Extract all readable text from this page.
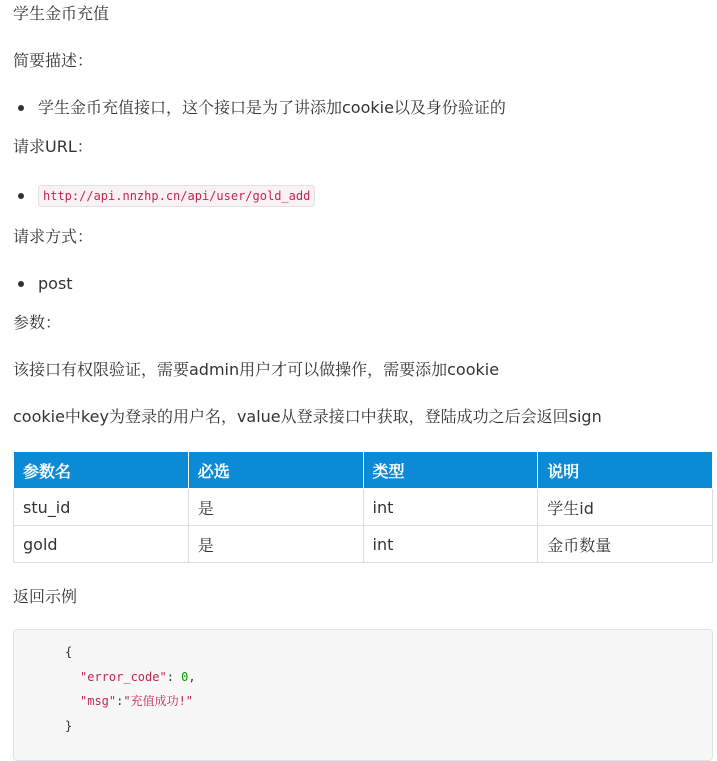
学生金币充值
简要描述：
学生金币充值接口，这个接口是为了讲添加cookie以及身份验证的
请求URL：
http://api.nnzhp.cn/api/user/gold_add
请求方式：
post
参数：
该接口有权限验证，需要admin用户才可以做操作，需要添加cookie
cookie中key为登录的用户名，value从登录接口中获取，登陆成功之后会返回sign
参数名	必选	类型	说明
stu_id	是	int	学生id
gold	是	int	金币数量
返回示例
{
"error_code": 0,
"msg":"充值成功!"
}
